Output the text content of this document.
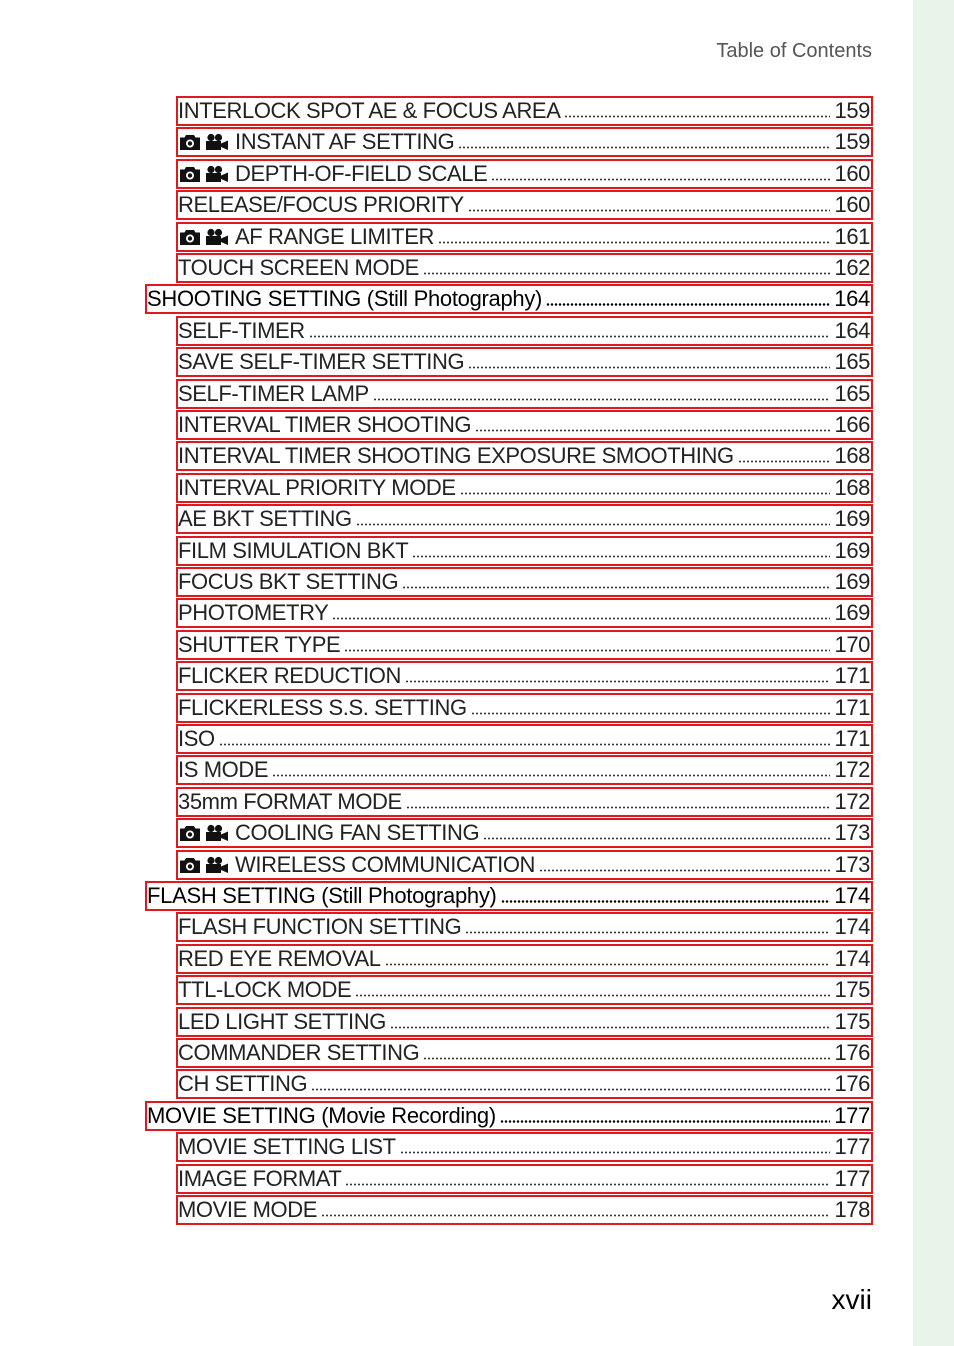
Table of Contents
INTERLOCK SPOT AE & FOCUS AREA	159
INSTANT AF SETTING	159
DEPTH-OF-FIELD SCALE	160
RELEASE/FOCUS PRIORITY	160
AF RANGE LIMITER	161
TOUCH SCREEN MODE	162
SHOOTING SETTING (Still Photography)	164
SELF-TIMER	164
SAVE SELF-TIMER SETTING	165
SELF-TIMER LAMP	165
INTERVAL TIMER SHOOTING	166
INTERVAL TIMER SHOOTING EXPOSURE SMOOTHING	168
INTERVAL PRIORITY MODE	168
AE BKT SETTING	169
FILM SIMULATION BKT	169
FOCUS BKT SETTING	169
PHOTOMETRY	169
SHUTTER TYPE	170
FLICKER REDUCTION	171
FLICKERLESS S.S. SETTING	171
ISO	171
IS MODE	172
35mm FORMAT MODE	172
COOLING FAN SETTING	173
WIRELESS COMMUNICATION	173
FLASH SETTING (Still Photography)	174
FLASH FUNCTION SETTING	174
RED EYE REMOVAL	174
TTL-LOCK MODE	175
LED LIGHT SETTING	175
COMMANDER SETTING	176
CH SETTING	176
MOVIE SETTING (Movie Recording)	177
MOVIE SETTING LIST	177
IMAGE FORMAT	177
MOVIE MODE	178
xvii
